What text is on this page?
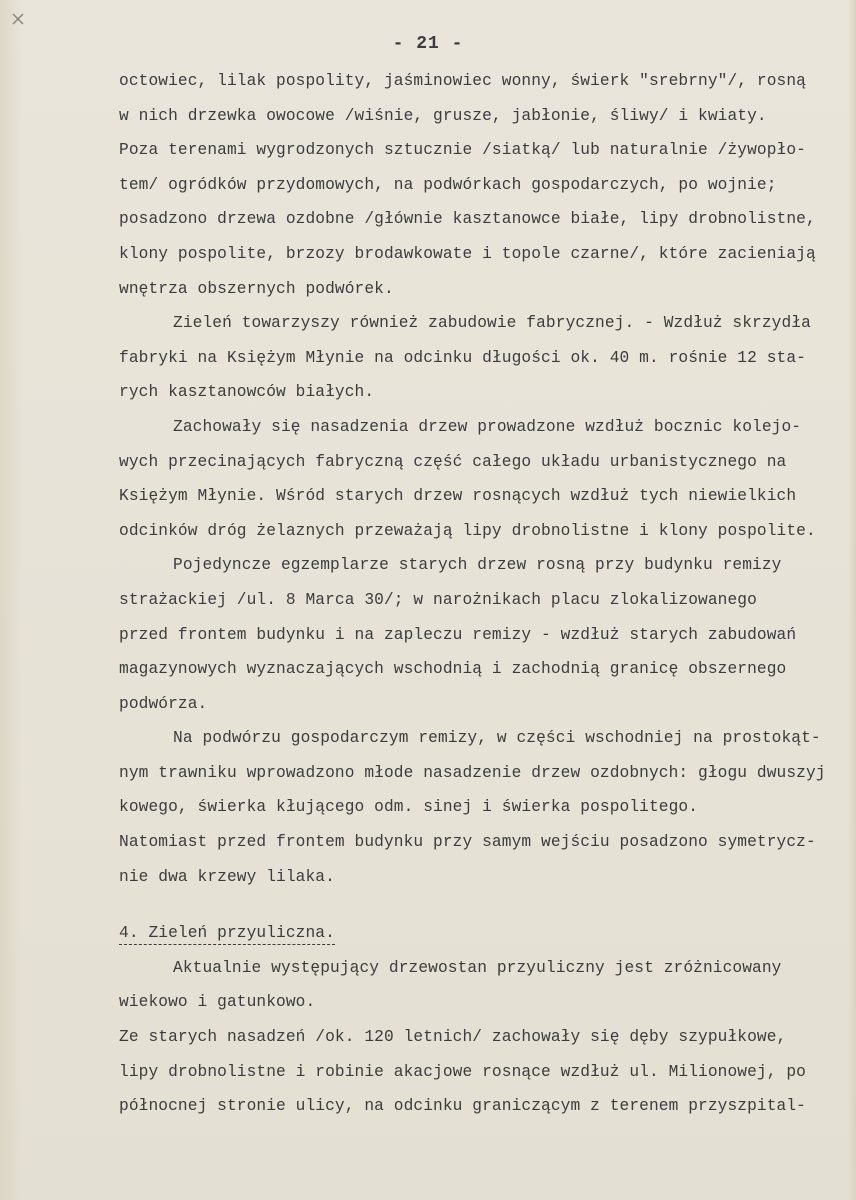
- 21 -
octowiec, lilak pospolity, jaśminowiec wonny, świerk "srebrny"/, rosną
w nich drzewka owocowe /wiśnie, grusze, jabłonie, śliwy/ i kwiaty.
Poza terenami wygrodzonych sztucznie /siatką/ lub naturalnie /żywopło-
tem/ ogródków przydomowych, na podwórkach gospodarczych, po wojnie;
posadzono drzewa ozdobne /głównie kasztanowce białe, lipy drobnolistne,
klony pospolite, brzozy brodawkowate i topole czarne/, które zacieniają
wnętrza obszernych podwórek.
Zieleń towarzyszy również zabudowie fabrycznej. - Wzdłuż skrzydła
fabryki na Księżym Młynie na odcinku długości ok. 40 m. rośnie 12 sta-
rych kasztanowców białych.
Zachowały się nasadzenia drzew prowadzone wzdłuż bocznic kolejo-
wych przecinających fabryczną część całego układu urbanistycznego na
Księżym Młynie. Wśród starych drzew rosnących wzdłuż tych niewielkich
odcinków dróg żelaznych przeważają lipy drobnolistne i klony pospolite.
Pojedyncze egzemplarze starych drzew rosną przy budynku remizy
strażackiej /ul. 8 Marca 30/; w narożnikach placu zlokalizowanego
przed frontem budynku i na zapleczu remizy - wzdłuż starych zabudowań
magazynowych wyznaczających wschodnią i zachodnią granicę obszernego
podwórza.
Na podwórzu gospodarczym remizy, w części wschodniej na prostokąt-
nym trawniku wprowadzono młode nasadzenie drzew ozdobnych: głogu dwuszyj
kowego, świerka kłującego odm. sinej i świerka pospolitego.
Natomiast przed frontem budynku przy samym wejściu posadzono symetrycz-
nie dwa krzewy lilaka.
4. Zieleń przyuliczna.
Aktualnie występujący drzewostan przyuliczny jest zróżnicowany
wiekowo i gatunkowo.
Ze starych nasadzeń /ok. 120 letnich/ zachowały się dęby szypułkowe,
lipy drobnolistne i robinie akacjowe rosnące wzdłuż ul. Milionowej, po
północnej stronie ulicy, na odcinku graniczącym z terenem przyszpital-
